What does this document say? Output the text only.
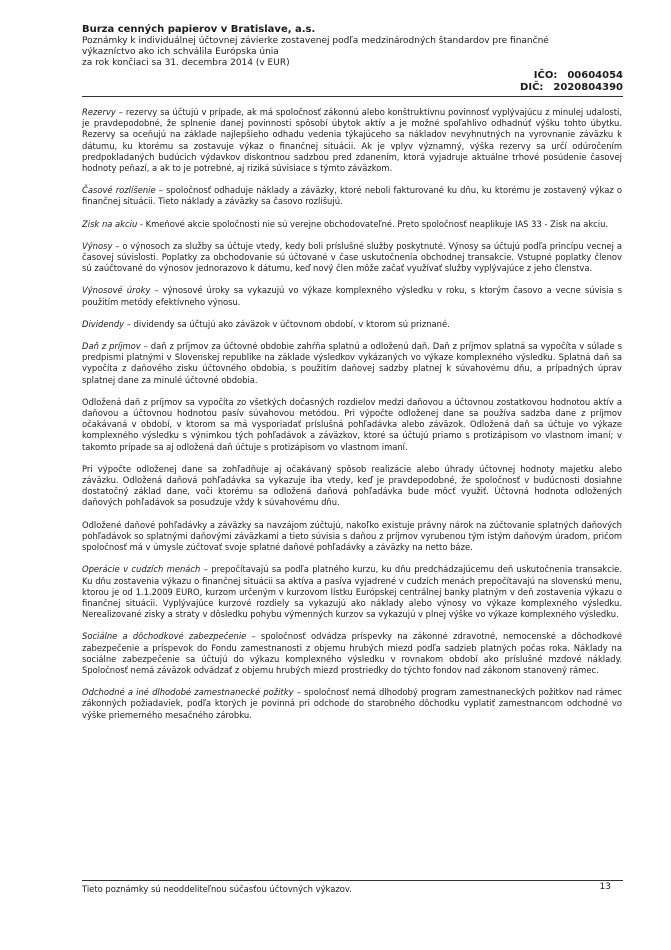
Burza cenných papierov v Bratislave, a.s.
Poznámky k individuálnej účtovnej závierke zostavenej podľa medzinárodných štandardov pre finančné
výkazníctvo ako ich schválila Európska únia
za rok končiaci sa 31. decembra 2014 (v EUR)
IČO: 00604054
DIČ: 2020804390

Rezervy – rezervy sa účtujú v prípade, ak má spoločnosť zákonnú alebo konštruktívnu povinnosť vyplývajúcu z minulej udalosti, je pravdepodobné, že splnenie danej povinnosti spôsobí úbytok aktív a je možné spoľahlivo odhadnúť výšku tohto úbytku. Rezervy sa oceňujú na základe najlepšieho odhadu vedenia týkajúceho sa nákladov nevyhnutných na vyrovnanie záväzku k dátumu, ku ktorému sa zostavuje výkaz o finančnej situácii. Ak je vplyv významný, výška rezervy sa určí odúročením predpokladaných budúcich výdavkov diskontnou sadzbou pred zdanením, ktorá vyjadruje aktuálne trhové posúdenie časovej hodnoty peňazí, a ak to je potrebné, aj riziká súvisiace s týmto záväzkom.

Časové rozlíšenie – spoločnosť odhaduje náklady a záväzky, ktoré neboli fakturované ku dňu, ku ktorému je zostavený výkaz o finančnej situácii. Tieto náklady a záväzky sa časovo rozlišujú.

Zisk na akciu - Kmeňové akcie spoločnosti nie sú verejne obchodovateľné. Preto spoločnosť neaplikuje IAS 33 - Zisk na akciu.

Výnosy – o výnosoch za služby sa účtuje vtedy, kedy boli príslušné služby poskytnuté. Výnosy sa účtujú podľa princípu vecnej a časovej súvislosti. Poplatky za obchodovanie sú účtované v čase uskutočnenia obchodnej transakcie. Vstupné poplatky členov sú zaúčtované do výnosov jednorazovo k dátumu, keď nový člen môže začať využívať služby vyplývajúce z jeho členstva.

Výnosové úroky – výnosové úroky sa vykazujú vo výkaze komplexného výsledku v roku, s ktorým časovo a vecne súvisia s použitím metódy efektívneho výnosu.

Dividendy – dividendy sa účtujú ako záväzok v účtovnom období, v ktorom sú priznané.

Daň z príjmov – daň z príjmov za účtovné obdobie zahŕňa splatnú a odloženú daň. Daň z príjmov splatná sa vypočíta v súlade s predpismi platnými v Slovenskej republike na základe výsledkov vykázaných vo výkaze komplexného výsledku. Splatná daň sa vypočíta z daňového zisku účtovného obdobia, s použitím daňovej sadzby platnej k súvahovému dňu, a prípadných úprav splatnej dane za minulé účtovné obdobia.

Odložená daň z príjmov sa vypočíta zo všetkých dočasných rozdielov medzi daňovou a účtovnou zostatkovou hodnotou aktív a daňovou a účtovnou hodnotou pasív súvahovou metódou. Pri výpočte odloženej dane sa používa sadzba dane z príjmov očakávaná v období, v ktorom sa má vysporiadať príslušná pohľadávka alebo záväzok. Odložená daň sa účtuje vo výkaze komplexného výsledku s výnimkou tých pohľadávok a záväzkov, ktoré sa účtujú priamo s protizápisom vo vlastnom imaní; v takomto prípade sa aj odložená daň účtuje s protizápisom vo vlastnom imaní.

Pri výpočte odloženej dane sa zohľadňuje aj očakávaný spôsob realizácie alebo úhrady účtovnej hodnoty majetku alebo záväzku. Odložená daňová pohľadávka sa vykazuje iba vtedy, keď je pravdepodobné, že spoločnosť v budúcnosti dosiahne dostatočný základ dane, voči ktorému sa odložená daňová pohľadávka bude môcť využiť. Účtovná hodnota odložených daňových pohľadávok sa posudzuje vždy k súvahovému dňu.

Odložené daňové pohľadávky a záväzky sa navzájom zúčtujú, nakoľko existuje právny nárok na zúčtovanie splatných daňových pohľadávok so splatnými daňovými záväzkami a tieto súvisia s daňou z príjmov vyrubenou tým istým daňovým úradom, pričom spoločnosť má v úmysle zúčtovať svoje splatné daňové pohľadávky a záväzky na netto báze.

Operácie v cudzích menách – prepočítavajú sa podľa platného kurzu, ku dňu predchádzajúcemu deň uskutočnenia transakcie. Ku dňu zostavenia výkazu o finančnej situácii sa aktíva a pasíva vyjadrené v cudzích menách prepočítavajú na slovenskú menu, ktorou je od 1.1.2009 EURO, kurzom určeným v kurzovom lístku Európskej centrálnej banky platným v deň zostavenia výkazu o finančnej situácii. Vyplývajúce kurzové rozdiely sa vykazujú ako náklady alebo výnosy vo výkaze komplexného výsledku. Nerealizované zisky a straty v dôsledku pohybu výmenných kurzov sa vykazujú v plnej výške vo výkaze komplexného výsledku.

Sociálne a dôchodkové zabezpečenie – spoločnosť odvádza príspevky na zákonné zdravotné, nemocenské a dôchodkové zabezpečenie a príspevok do Fondu zamestnanosti z objemu hrubých miezd podľa sadzieb platných počas roka. Náklady na sociálne zabezpečenie sa účtujú do výkazu komplexného výsledku v rovnakom období ako príslušné mzdové náklady. Spoločnosť nemá záväzok odvádzať z objemu hrubých miezd prostriedky do týchto fondov nad zákonom stanovený rámec.

Odchodné a iné dlhodobé zamestnanecké požitky – spoločnosť nemá dlhodobý program zamestnaneckých požitkov nad rámec zákonných požiadaviek, podľa ktorých je povinná pri odchode do starobného dôchodku vyplatiť zamestnancom odchodné vo výške priemerného mesačného zárobku.

Tieto poznámky sú neoddeliteľnou súčasťou účtovných výkazov.	13
